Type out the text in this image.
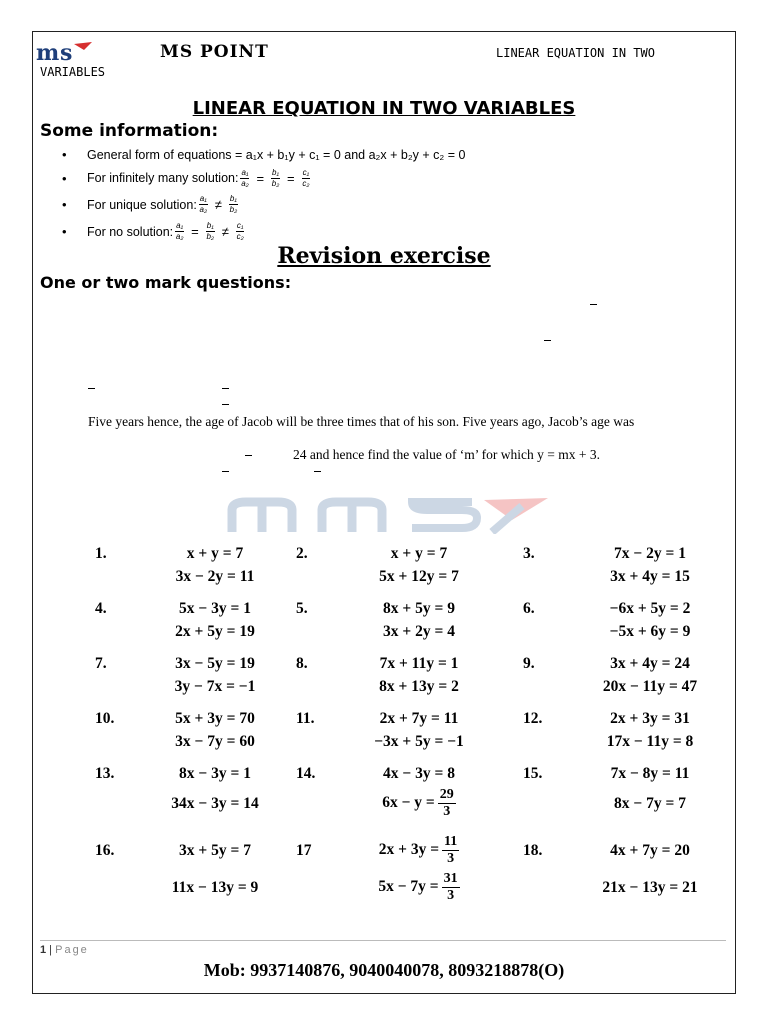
m s	MS POINT	LINEAR EQUATION IN TWO
VARIABLES
LINEAR EQUATION IN TWO VARIABLES
Some information:
• General form of equations = a₁x + b₁y + c₁ = 0 and a₂x + b₂y + c₂ = 0
• For infinitely many solution: $\frac{\text{a₁}}{\text{a₂}} = \frac{\text{b₁}}{\text{b₂}} = \frac{\text{c₁}}{\text{c₂}}$
• For unique solution: $\frac{\text{a₁}}{\text{a₂}} \ne \frac{\text{b₁}}{\text{b₂}}$
• For no solution: $\frac{\text{a₁}}{\text{a₂}} = \frac{\text{b₁}}{\text{b₂}} \ne \frac{\text{c₁}}{\text{c₂}}$
Revision exercise
One or two mark questions:
Five years hence, the age of Jacob will be three times that of his son. Five years ago, Jacob’s age was
24 and hence find the value of ‘m’ for which y = mx + 3.
1.	x + y = 7
3x − 2y = 11
2.	x + y = 7
5x + 12y = 7
3.	7x − 2y = 1
3x + 4y = 15
4.	5x − 3y = 1
2x + 5y = 19
5.	8x + 5y = 9
3x + 2y = 4
6.	−6x + 5y = 2
−5x + 6y = 9
7.	3x − 5y = 19
3y − 7x = −1
8.	7x + 11y = 1
8x + 13y = 2
9.	3x + 4y = 24
20x − 11y = 47
10.	5x + 3y = 70
3x − 7y = 60
11.	2x + 7y = 11
−3x + 5y = −1
12.	2x + 3y = 31
17x − 11y = 8
13.	8x − 3y = 1
34x − 3y = 14
14.	4x − 3y = 8
$6x - y = \frac{29}{3}$
15.	7x − 8y = 11
8x − 7y = 7
16.	3x + 5y = 7
11x − 13y = 9
17	$2x + 3y = \frac{11}{3}$
$5x - 7y = \frac{31}{3}$
18.	4x + 7y = 20
21x − 13y = 21
1 | Page
Mob: 9937140876, 9040040078, 8093218878(O)
